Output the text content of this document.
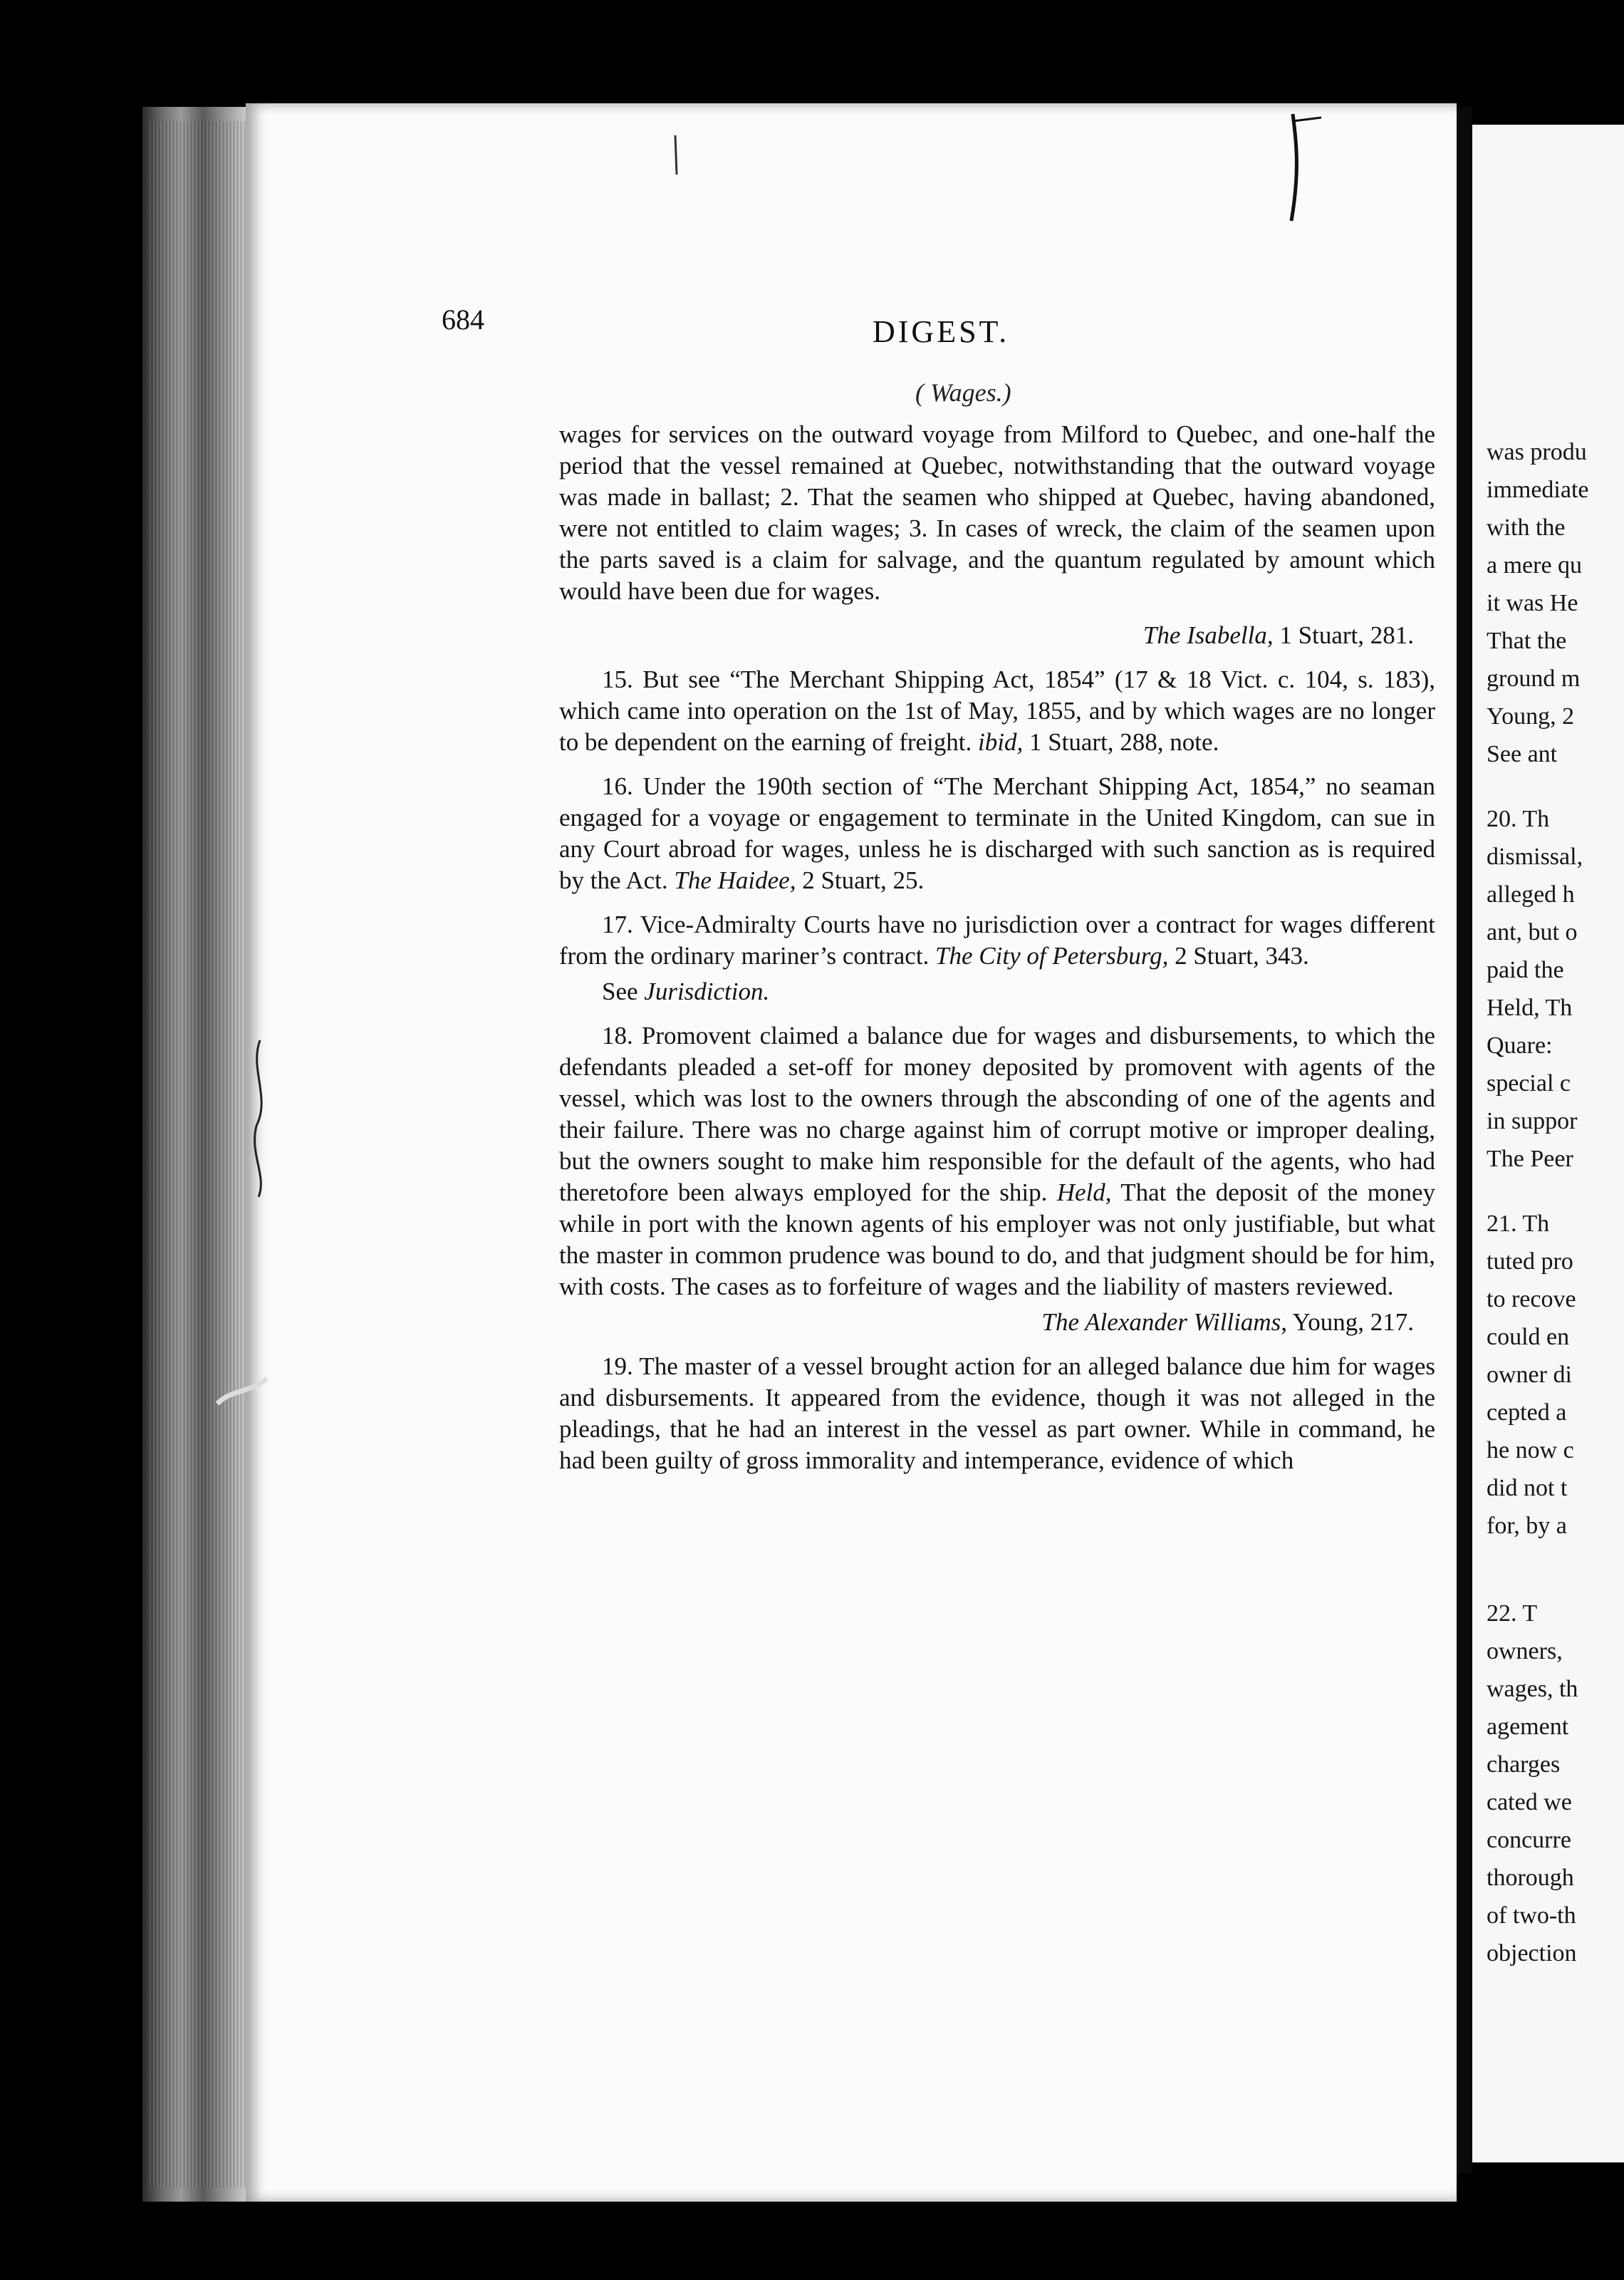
was produ
immediate
with the
a mere qu
it was He
That the
ground m
Young, 2
See ant
20. Th
dismissal,
alleged h
ant, but o
paid the
Held, Th
Quare:
special c
in suppor
The Peer
21. Th
tuted pro
to recove
could en
owner di
cepted a
he now c
did not t
for, by a
22. T
owners,
wages, th
agement
charges
cated we
concurre
thorough
of two-th
objection
684	DIGEST.
( Wages.)

wages for services on the outward voyage from Milford to Quebec, and one-half the period that the vessel remained at Quebec, notwithstanding that the outward voyage was made in ballast; 2. That the seamen who shipped at Quebec, having abandoned, were not entitled to claim wages; 3. In cases of wreck, the claim of the seamen upon the parts saved is a claim for salvage, and the quantum regulated by amount which would have been due for wages.

The Isabella, 1 Stuart, 281.

15. But see “The Merchant Shipping Act, 1854” (17 & 18 Vict. c. 104, s. 183), which came into operation on the 1st of May, 1855, and by which wages are no longer to be dependent on the earning of freight. ibid, 1 Stuart, 288, note.

16. Under the 190th section of “The Merchant Shipping Act, 1854,” no seaman engaged for a voyage or engagement to terminate in the United Kingdom, can sue in any Court abroad for wages, unless he is discharged with such sanction as is required by the Act. The Haidee, 2 Stuart, 25.

17. Vice-Admiralty Courts have no jurisdiction over a contract for wages different from the ordinary mariner’s contract. The City of Petersburg, 2 Stuart, 343.

See Jurisdiction.

18. Promovent claimed a balance due for wages and disbursements, to which the defendants pleaded a set-off for money deposited by promovent with agents of the vessel, which was lost to the owners through the absconding of one of the agents and their failure. There was no charge against him of corrupt motive or improper dealing, but the owners sought to make him responsible for the default of the agents, who had theretofore been always employed for the ship. Held, That the deposit of the money while in port with the known agents of his employer was not only justifiable, but what the master in common prudence was bound to do, and that judgment should be for him, with costs. The cases as to forfeiture of wages and the liability of masters reviewed.

The Alexander Williams, Young, 217.

19. The master of a vessel brought action for an alleged balance due him for wages and disbursements. It appeared from the evidence, though it was not alleged in the pleadings, that he had an interest in the vessel as part owner. While in command, he had been guilty of gross immorality and intemperance, evidence of which
